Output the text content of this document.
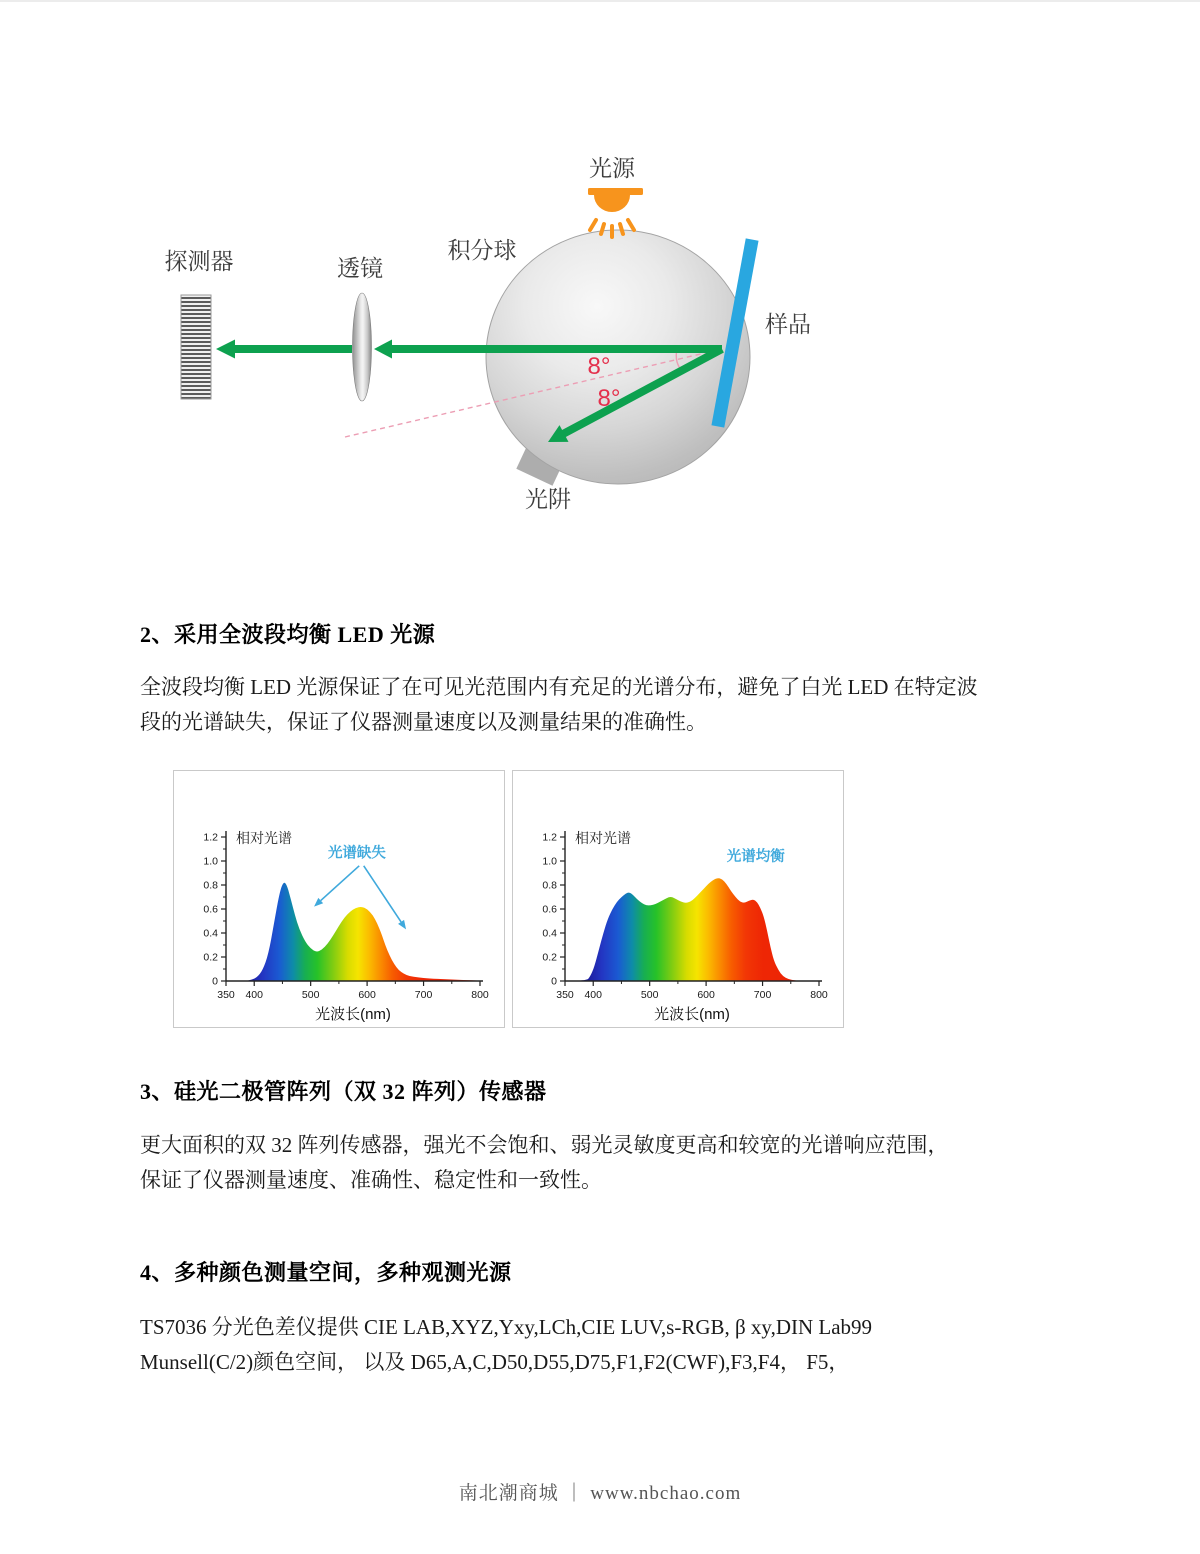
光源
积分球
探测器	透镜
样品
光阱
8°
8°
2、采用全波段均衡 LED 光源
全波段均衡 LED 光源保证了在可见光范围内有充足的光谱分布，避免了白光 LED 在特定波
段的光谱缺失，保证了仪器测量速度以及测量结果的准确性。
0
0.2
0.4
0.6
0.8
1.0
1.2
350 400	500	600	700	800
相对光谱
光波长(nm)
光谱缺失
0
0.2
0.4
0.6
0.8
1.0
1.2
350 400	500	600	700	800
相对光谱
光波长(nm)
光谱均衡
3、硅光二极管阵列（双 32 阵列）传感器
更大面积的双 32 阵列传感器，强光不会饱和、弱光灵敏度更高和较宽的光谱响应范围，
保证了仪器测量速度、准确性、稳定性和一致性。
4、多种颜色测量空间，多种观测光源
TS7036 分光色差仪提供 CIE LAB,XYZ,Yxy,LCh,CIE LUV,s-RGB, β xy,DIN Lab99
Munsell(C/2)颜色空间， 以及 D65,A,C,D50,D55,D75,F1,F2(CWF),F3,F4， F5，
南北潮商城 ｜ www.nbchao.com
